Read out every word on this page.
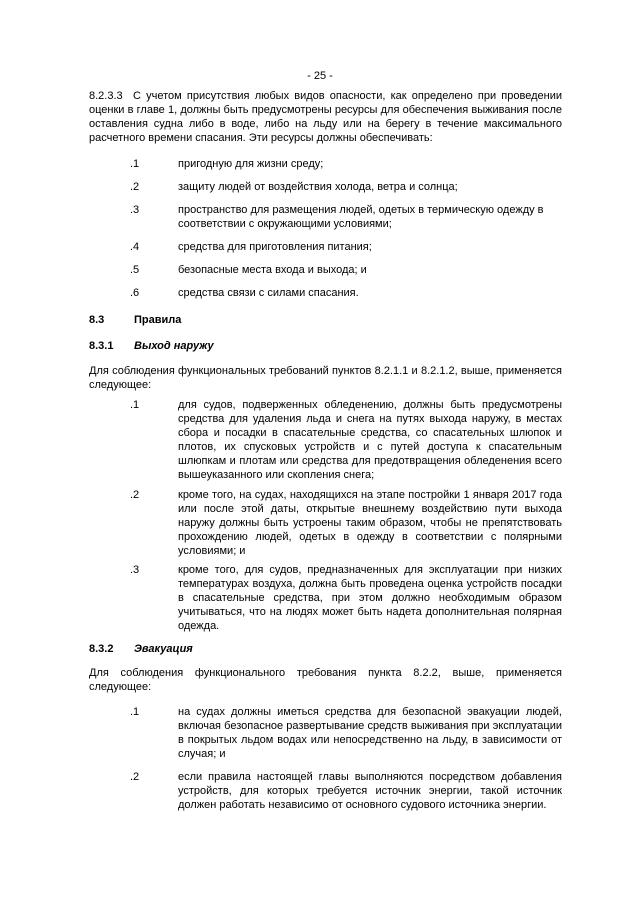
- 25 -
8.2.3.3 С учетом присутствия любых видов опасности, как определено при проведении оценки в главе 1, должны быть предусмотрены ресурсы для обеспечения выживания после оставления судна либо в воде, либо на льду или на берегу в течение максимального расчетного времени спасания. Эти ресурсы должны обеспечивать:
.1	пригодную для жизни среду;
.2	защиту людей от воздействия холода, ветра и солнца;
.3	пространство для размещения людей, одетых в термическую одежду в соответствии с окружающими условиями;
.4	средства для приготовления питания;
.5	безопасные места входа и выхода; и
.6	средства связи с силами спасания.
8.3	Правила
8.3.1 Выход наружу
Для соблюдения функциональных требований пунктов 8.2.1.1 и 8.2.1.2, выше, применяется следующее:
.1	для судов, подверженных обледенению, должны быть предусмотрены средства для удаления льда и снега на путях выхода наружу, в местах сбора и посадки в спасательные средства, со спасательных шлюпок и плотов, их спусковых устройств и с путей доступа к спасательным шлюпкам и плотам или средства для предотвращения обледенения всего вышеуказанного или скопления снега;
.2	кроме того, на судах, находящихся на этапе постройки 1 января 2017 года или после этой даты, открытые внешнему воздействию пути выхода наружу должны быть устроены таким образом, чтобы не препятствовать прохождению людей, одетых в одежду в соответствии с полярными условиями; и
.3	кроме того, для судов, предназначенных для эксплуатации при низких температурах воздуха, должна быть проведена оценка устройств посадки в спасательные средства, при этом должно необходимым образом учитываться, что на людях может быть надета дополнительная полярная одежда.
8.3.2 Эвакуация
Для соблюдения функционального требования пункта 8.2.2, выше, применяется следующее:
.1	на судах должны иметься средства для безопасной эвакуации людей, включая безопасное развертывание средств выживания при эксплуатации в покрытых льдом водах или непосредственно на льду, в зависимости от случая; и
.2	если правила настоящей главы выполняются посредством добавления устройств, для которых требуется источник энергии, такой источник должен работать независимо от основного судового источника энергии.
